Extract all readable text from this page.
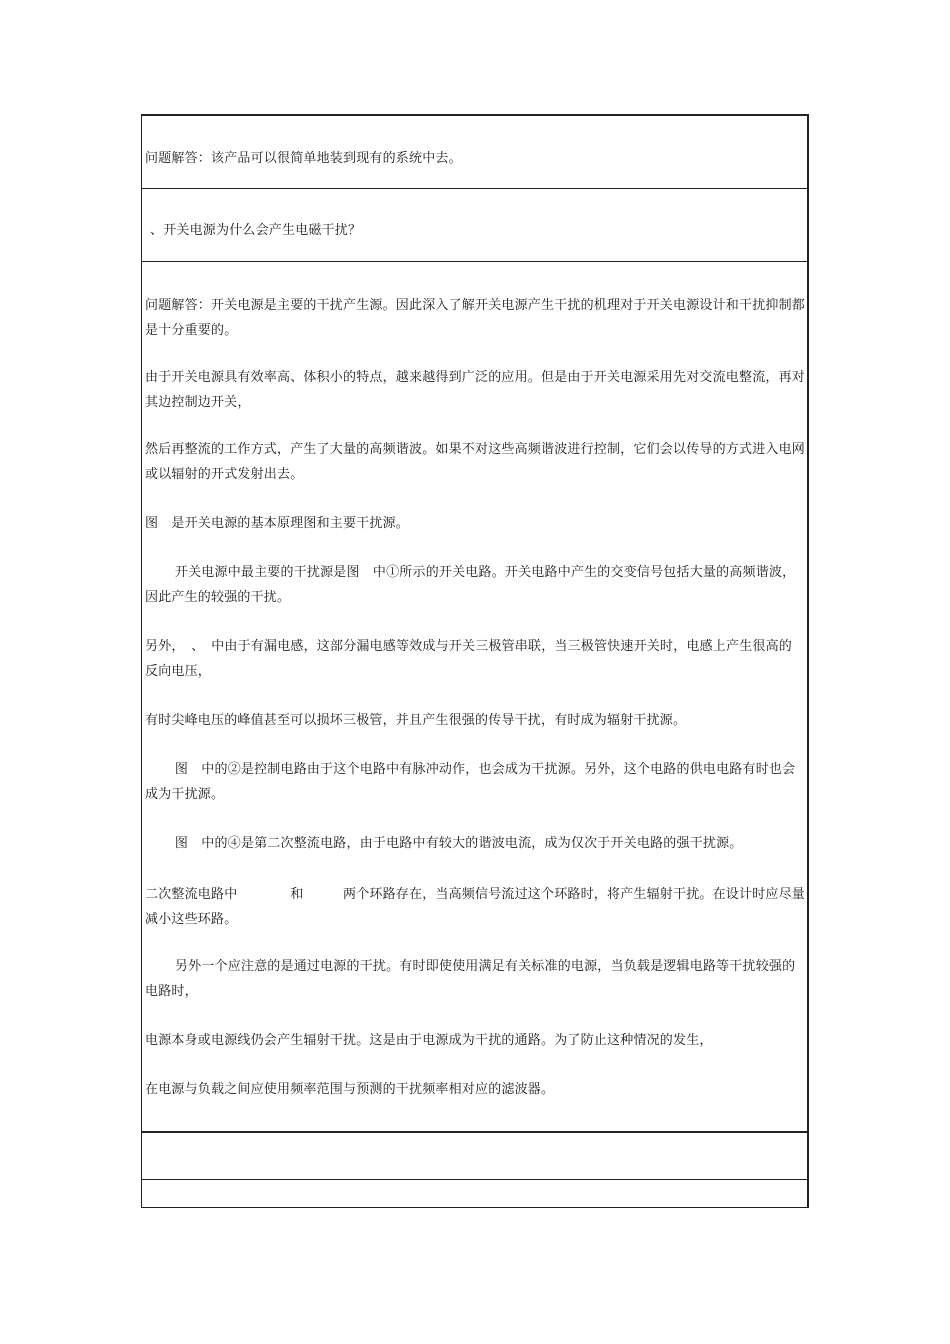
问题解答：该产品可以很简单地装到现有的系统中去。
、开关电源为什么会产生电磁干扰？

问题解答：开关电源是主要的干扰产生源。因此深入了解开关电源产生干扰的机理对于开关电源设计和干扰抑制都是十分重要的。

由于开关电源具有效率高、体积小的特点，越来越得到广泛的应用。但是由于开关电源采用先对交流电整流，再对其边控制边开关，

然后再整流的工作方式，产生了大量的高频谐波。如果不对这些高频谐波进行控制，它们会以传导的方式进入电网或以辐射的开式发射出去。

图　是开关电源的基本原理图和主要干扰源。

开关电源中最主要的干扰源是图　中①所示的开关电路。开关电路中产生的交变信号包括大量的高频谐波，因此产生的较强的干扰。

另外，　、　中由于有漏电感，这部分漏电感等效成与开关三极管串联，当三极管快速开关时，电感上产生很高的反向电压，

有时尖峰电压的峰值甚至可以损坏三极管，并且产生很强的传导干扰，有时成为辐射干扰源。

图　中的②是控制电路由于这个电路中有脉冲动作，也会成为干扰源。另外，这个电路的供电电路有时也会成为干扰源。

图　中的④是第二次整流电路，由于电路中有较大的谐波电流，成为仅次于开关电路的强干扰源。

二次整流电路中　　　　和　　　两个环路存在，当高频信号流过这个环路时，将产生辐射干扰。在设计时应尽量减小这些环路。

另外一个应注意的是通过电源的干扰。有时即使使用满足有关标准的电源，当负载是逻辑电路等干扰较强的电路时，

电源本身或电源线仍会产生辐射干扰。这是由于电源成为干扰的通路。为了防止这种情况的发生，

在电源与负载之间应使用频率范围与预测的干扰频率相对应的滤波器。
